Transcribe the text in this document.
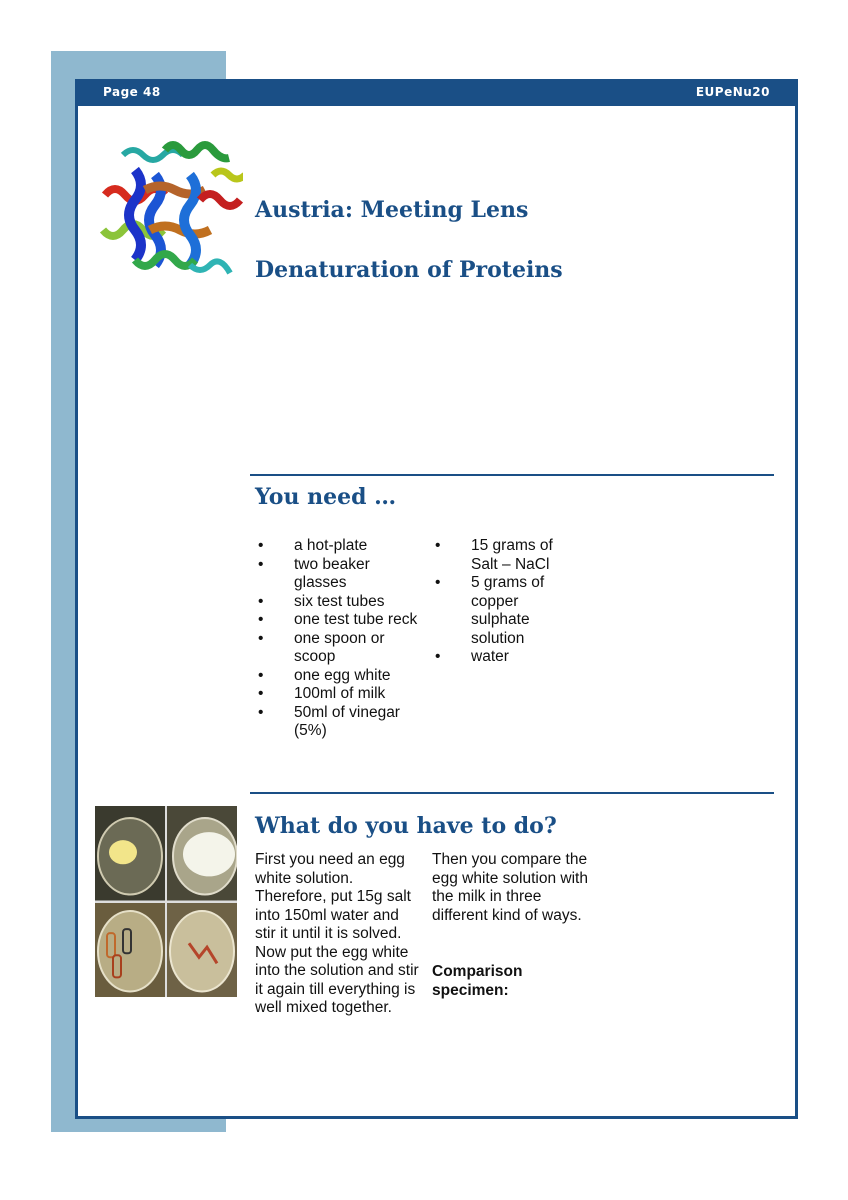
Page 48	EUPeNu20
Austria: Meeting Lens
Denaturation of Proteins
You need …
• a hot-plate
• two beaker glasses
• six test tubes
• one test tube reck
• one spoon or scoop
• one egg white
• 100ml of milk
• 50ml of vinegar (5%)
• 15 grams of Salt – NaCl
• 5 grams of copper sulphate solution
• water
What do you have to do?

First you need an egg white solution. Therefore, put 15g salt into 150ml water and stir it until it is solved. Now put the egg white into the solution and stir it again till everything is well mixed together.

Then you compare the egg white solution with the milk in three different kind of ways.

Comparison specimen:
